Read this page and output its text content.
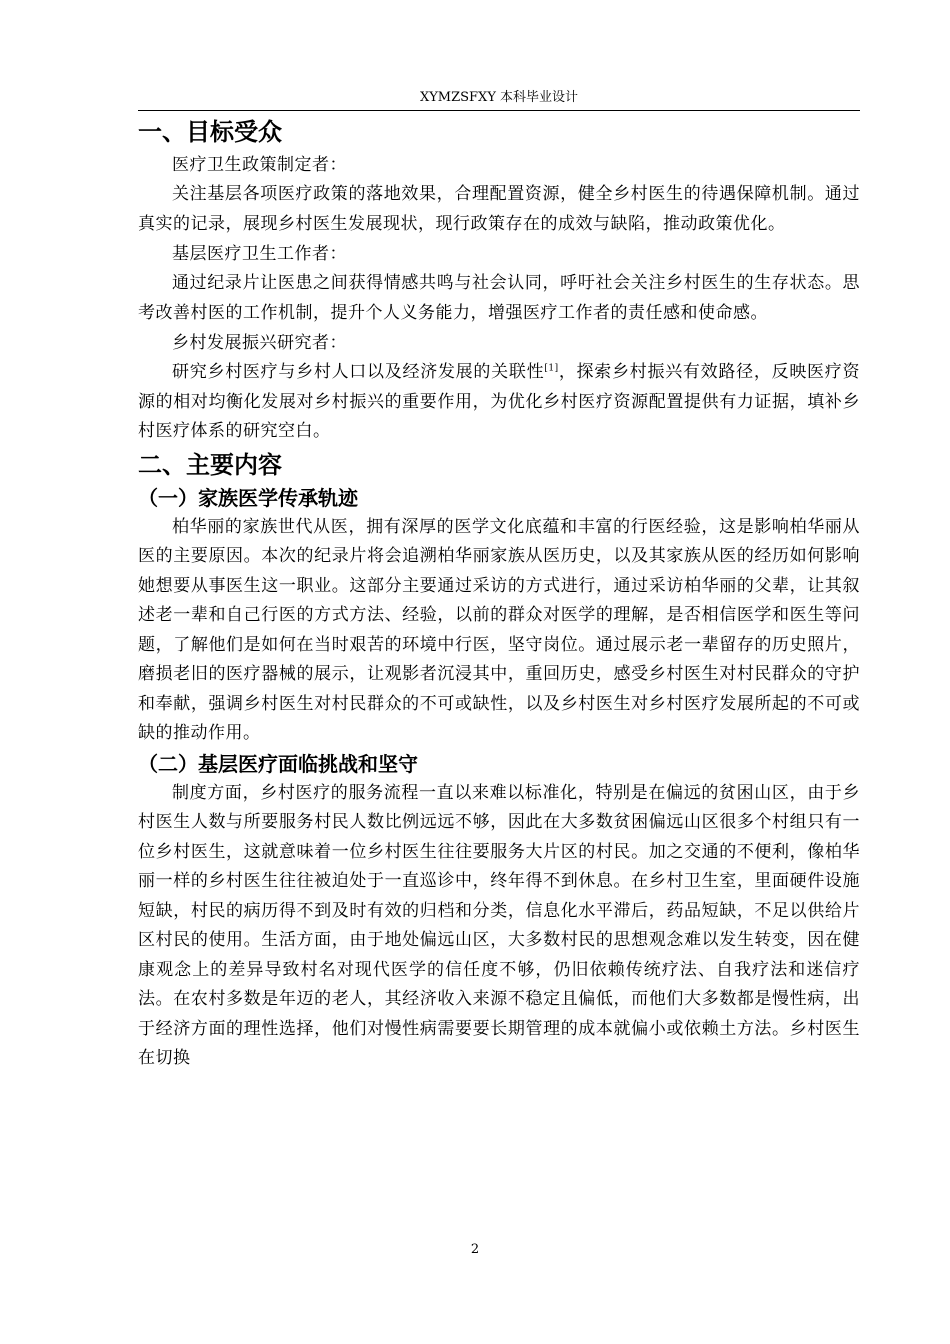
XYMZSFXY 本科毕业设计
一、目标受众

医疗卫生政策制定者：

关注基层各项医疗政策的落地效果，合理配置资源，健全乡村医生的待遇保障机制。通过真实的记录，展现乡村医生发展现状，现行政策存在的成效与缺陷，推动政策优化。

基层医疗卫生工作者：

通过纪录片让医患之间获得情感共鸣与社会认同，呼吁社会关注乡村医生的生存状态。思考改善村医的工作机制，提升个人义务能力，增强医疗工作者的责任感和使命感。

乡村发展振兴研究者：

研究乡村医疗与乡村人口以及经济发展的关联性[1]，探索乡村振兴有效路径，反映医疗资源的相对均衡化发展对乡村振兴的重要作用，为优化乡村医疗资源配置提供有力证据，填补乡村医疗体系的研究空白。

二、主要内容
（一）家族医学传承轨迹

柏华丽的家族世代从医，拥有深厚的医学文化底蕴和丰富的行医经验，这是影响柏华丽从医的主要原因。本次的纪录片将会追溯柏华丽家族从医历史，以及其家族从医的经历如何影响她想要从事医生这一职业。这部分主要通过采访的方式进行，通过采访柏华丽的父辈，让其叙述老一辈和自己行医的方式方法、经验，以前的群众对医学的理解，是否相信医学和医生等问题，了解他们是如何在当时艰苦的环境中行医，坚守岗位。通过展示老一辈留存的历史照片，磨损老旧的医疗器械的展示，让观影者沉浸其中，重回历史，感受乡村医生对村民群众的守护和奉献，强调乡村医生对村民群众的不可或缺性，以及乡村医生对乡村医疗发展所起的不可或缺的推动作用。

（二）基层医疗面临挑战和坚守

制度方面，乡村医疗的服务流程一直以来难以标准化，特别是在偏远的贫困山区，由于乡村医生人数与所要服务村民人数比例远远不够，因此在大多数贫困偏远山区很多个村组只有一位乡村医生，这就意味着一位乡村医生往往要服务大片区的村民。加之交通的不便利，像柏华丽一样的乡村医生往往被迫处于一直巡诊中，终年得不到休息。在乡村卫生室，里面硬件设施短缺，村民的病历得不到及时有效的归档和分类，信息化水平滞后，药品短缺，不足以供给片区村民的使用。生活方面，由于地处偏远山区，大多数村民的思想观念难以发生转变，因在健康观念上的差异导致村名对现代医学的信任度不够，仍旧依赖传统疗法、自我疗法和迷信疗法。在农村多数是年迈的老人，其经济收入来源不稳定且偏低，而他们大多数都是慢性病，出于经济方面的理性选择，他们对慢性病需要要长期管理的成本就偏小或依赖土方法。乡村医生在切换

2
